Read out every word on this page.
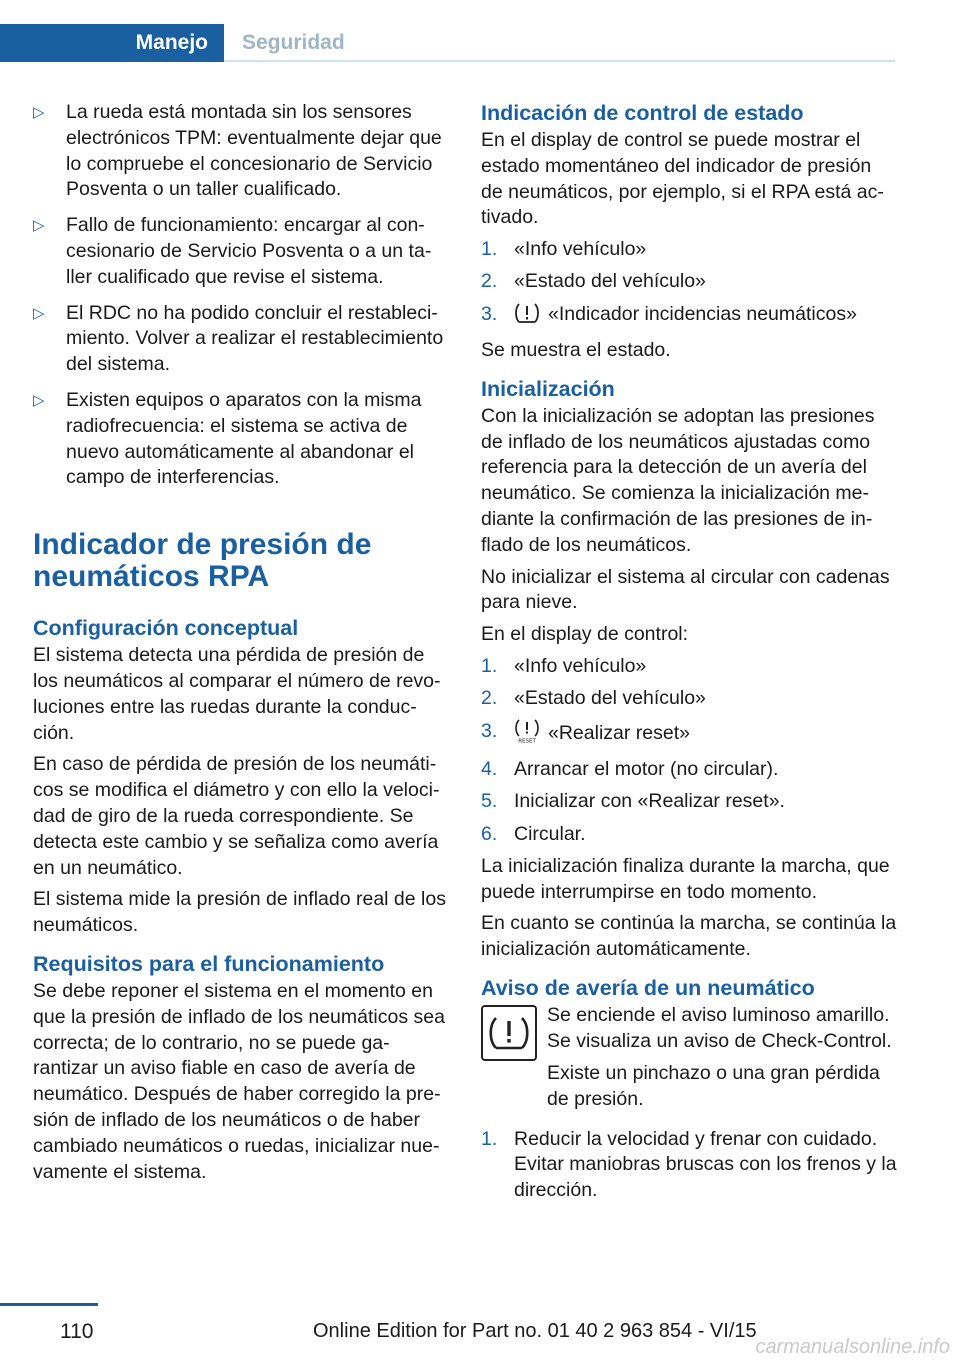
Manejo	Seguridad
▷ La rueda está montada sin los sensores electrónicos TPM: eventualmente dejar que lo compruebe el concesionario de Servicio Posventa o un taller cualificado.
▷ Fallo de funcionamiento: encargar al concesionario de Servicio Posventa o a un taller cualificado que revise el sistema.
▷ El RDC no ha podido concluir el restablecimiento. Volver a realizar el restablecimiento del sistema.
▷ Existen equipos o aparatos con la misma radiofrecuencia: el sistema se activa de nuevo automáticamente al abandonar el campo de interferencias.
Indicador de presión de neumáticos RPA
Configuración conceptual

El sistema detecta una pérdida de presión de los neumáticos al comparar el número de revoluciones entre las ruedas durante la conducción.

En caso de pérdida de presión de los neumáticos se modifica el diámetro y con ello la velocidad de giro de la rueda correspondiente. Se detecta este cambio y se señaliza como avería en un neumático.

El sistema mide la presión de inflado real de los neumáticos.

Requisitos para el funcionamiento

Se debe reponer el sistema en el momento en que la presión de inflado de los neumáticos sea correcta; de lo contrario, no se puede garantizar un aviso fiable en caso de avería de neumático. Después de haber corregido la presión de inflado de los neumáticos o de haber cambiado neumáticos o ruedas, inicializar nuevamente el sistema.

Indicación de control de estado

En el display de control se puede mostrar el estado momentáneo del indicador de presión de neumáticos, por ejemplo, si el RPA está activado.

1. «Info vehículo»
2. «Estado del vehículo»
3.	«Indicador incidencias neumáticos»

Se muestra el estado.

Inicialización

Con la inicialización se adoptan las presiones de inflado de los neumáticos ajustadas como referencia para la detección de un avería del neumático. Se comienza la inicialización mediante la confirmación de las presiones de inflado de los neumáticos.

No inicializar el sistema al circular con cadenas para nieve.

En el display de control:

1. «Info vehículo»
2. «Estado del vehículo»
3.	RESET «Realizar reset»
4. Arrancar el motor (no circular).
5. Inicializar con «Realizar reset».
6. Circular.

La inicialización finaliza durante la marcha, que puede interrumpirse en todo momento.

En cuanto se continúa la marcha, se continúa la inicialización automáticamente.

Aviso de avería de un neumático

Se enciende el aviso luminoso amarillo. Se visualiza un aviso de Check-Control.

Existe un pinchazo o una gran pérdida de presión.

1. Reducir la velocidad y frenar con cuidado. Evitar maniobras bruscas con los frenos y la dirección.
110	Online Edition for Part no. 01 40 2 963 854 - VI/15
carmanualsonline.info
